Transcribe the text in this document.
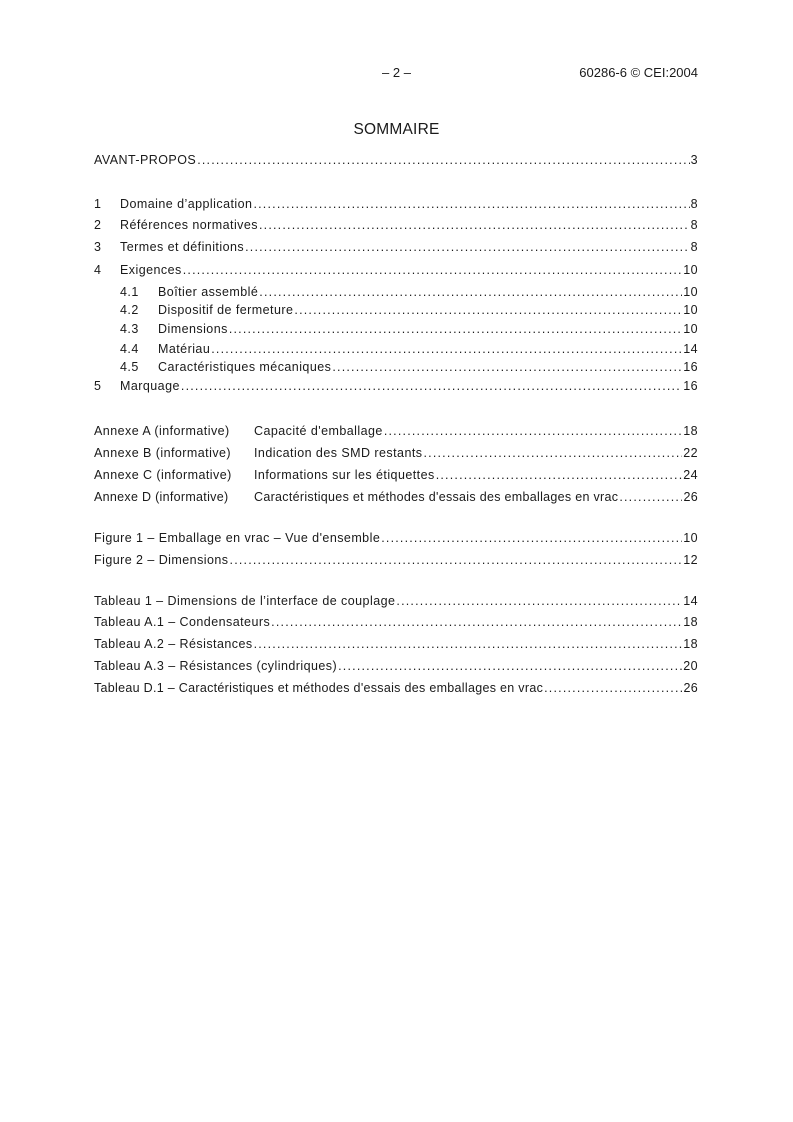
– 2 –	60286-6 © CEI:2004
SOMMAIRE
AVANT-PROPOS .....	3
1	Domaine d’application .....	8
2	Références normatives .....	8
3	Termes et définitions .....	8
4	Exigences .....	10
4.1	Boîtier assemblé .....	10
4.2	Dispositif de fermeture .....	10
4.3	Dimensions .....	10
4.4	Matériau .....	14
4.5	Caractéristiques mécaniques .....	16
5	Marquage .....	16
Annexe A (informative)	Capacité d'emballage .....	18
Annexe B (informative)	Indication des SMD restants .....	22
Annexe C (informative)	Informations sur les étiquettes .....	24
Annexe D (informative)	Caractéristiques et méthodes d'essais des emballages en vrac .....	26
Figure 1 – Emballage en vrac – Vue d'ensemble .....	10
Figure 2 – Dimensions .....	12
Tableau 1 – Dimensions de l’interface de couplage .....	14
Tableau A.1 – Condensateurs .....	18
Tableau A.2 – Résistances .....	18
Tableau A.3 – Résistances (cylindriques) .....	20
Tableau D.1 – Caractéristiques et méthodes d'essais des emballages en vrac .....	26
